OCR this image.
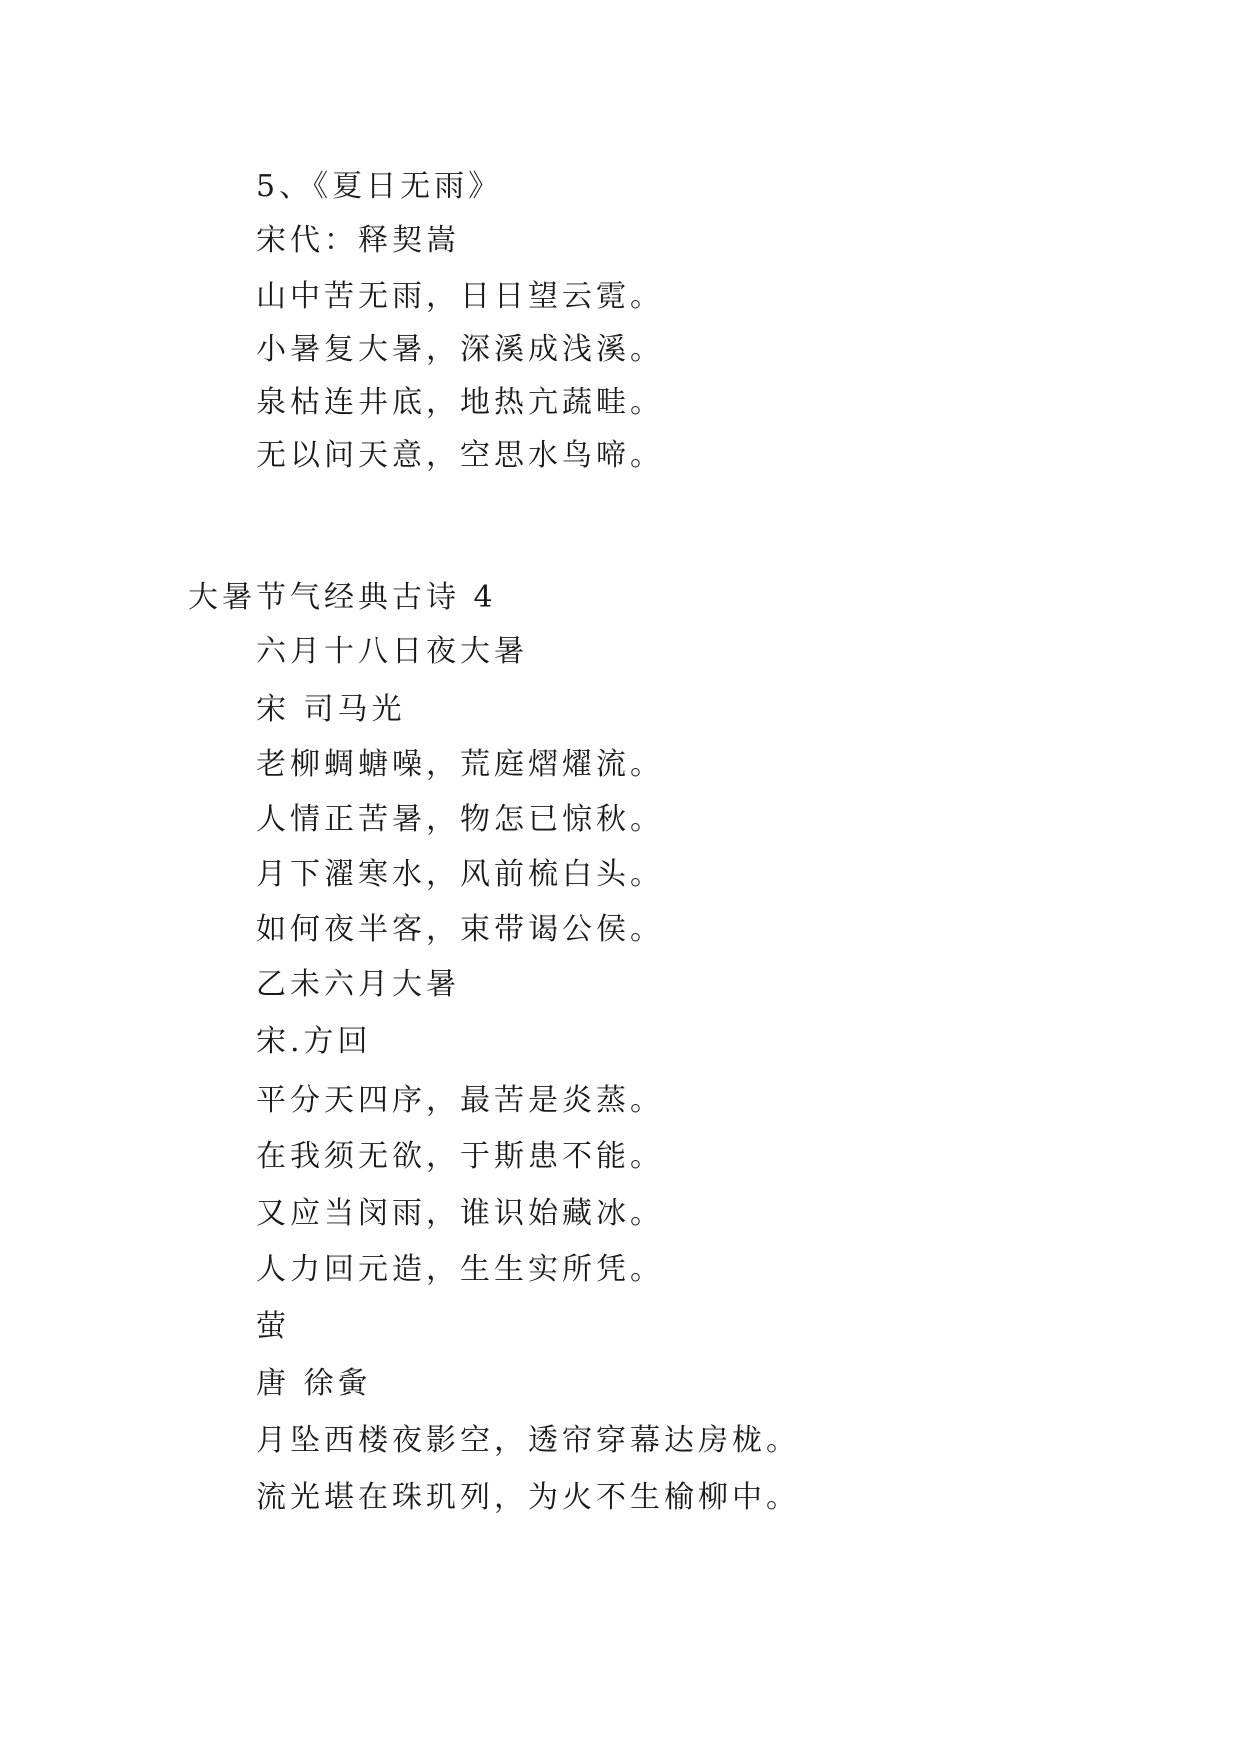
5、《夏日无雨》
宋代：释契嵩
山中苦无雨，日日望云霓。
小暑复大暑，深溪成浅溪。
泉枯连井底，地热亢蔬畦。
无以问天意，空思水鸟啼。
大暑节气经典古诗 4
六月十八日夜大暑
宋 司马光
老柳蜩螗噪，荒庭熠燿流。
人情正苦暑，物怎已惊秋。
月下濯寒水，风前梳白头。
如何夜半客，束带谒公侯。
乙未六月大暑
宋.方回
平分天四序，最苦是炎蒸。
在我须无欲，于斯患不能。
又应当闵雨，谁识始藏冰。
人力回元造，生生实所凭。
萤
唐 徐夤
月坠西楼夜影空，透帘穿幕达房栊。
流光堪在珠玑列，为火不生榆柳中。
